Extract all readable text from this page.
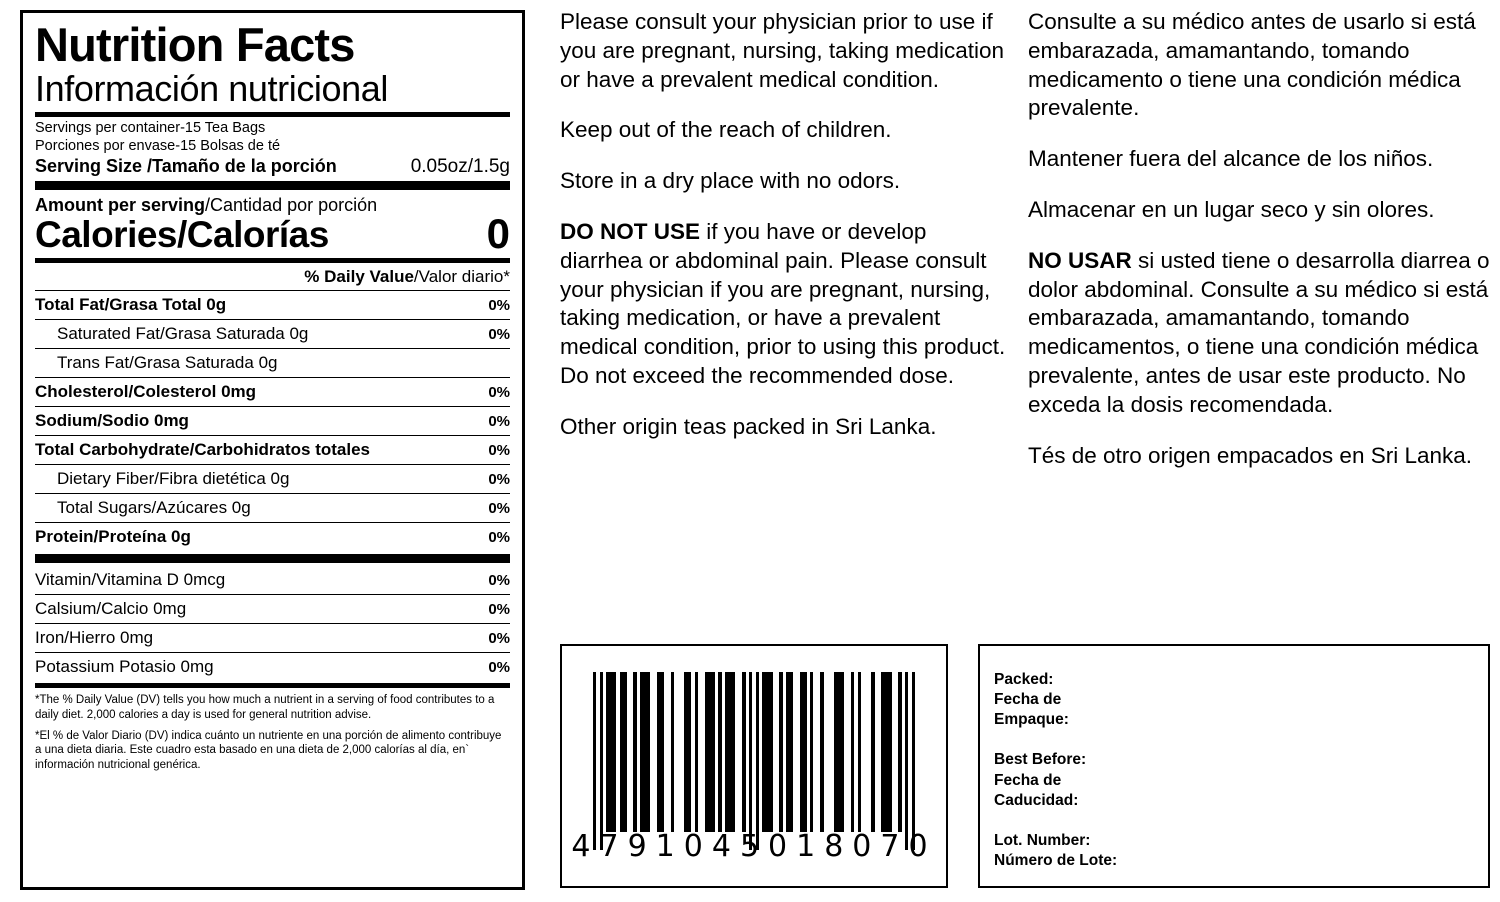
Nutrition Facts
Información nutricional
Servings per container-15 Tea Bags
Porciones por envase-15 Bolsas de té
Serving Size /Tamaño de la porción	0.05oz/1.5g
Amount per serving/Cantidad por porción
Calories/Calorías	0
% Daily Value/Valor diario*
Total Fat/Grasa Total 0g	0%
Saturated Fat/Grasa Saturada 0g	0%
Trans Fat/Grasa Saturada 0g
Cholesterol/Colesterol 0mg	0%
Sodium/Sodio 0mg	0%
Total Carbohydrate/Carbohidratos totales	0%
Dietary Fiber/Fibra dietética 0g	0%
Total Sugars/Azúcares 0g	0%
Protein/Proteína 0g	0%
Vitamin/Vitamina D 0mcg	0%
Calsium/Calcio 0mg	0%
Iron/Hierro 0mg	0%
Potassium Potasio 0mg	0%

*The % Daily Value (DV) tells you how much a nutrient in a serving of food contributes to a daily diet. 2,000 calories a day is used for general nutrition advise.

*El % de Valor Diario (DV) indica cuánto un nutriente en una porción de alimento contribuye a una dieta diaria. Este cuadro esta basado en una dieta de 2,000 calorías al día, en` información nutricional genérica.

Please consult your physician prior to use if you are pregnant, nursing, taking medication or have a prevalent medical condition.

Keep out of the reach of children.

Store in a dry place with no odors.

DO NOT USE if you have or develop diarrhea or abdominal pain. Please consult your physician if you are pregnant, nursing, taking medication, or have a prevalent medical condition, prior to using this product. Do not exceed the recommended dose.

Other origin teas packed in Sri Lanka.

Consulte a su médico antes de usarlo si está embarazada, amamantando, tomando medicamento o tiene una condición médica prevalente.

Mantener fuera del alcance de los niños.

Almacenar en un lugar seco y sin olores.

NO USAR si usted tiene o desarrolla diarrea o dolor abdominal. Consulte a su médico si está embarazada, amamantando, tomando medicamentos, o tiene una condición médica prevalente, antes de usar este producto. No exceda la dosis recomendada.

Tés de otro origen empacados en Sri Lanka.

4791045018070
Packed:
Fecha de
Empaque:
Best Before:
Fecha de
Caducidad:
Lot. Number:
Número de Lote:
